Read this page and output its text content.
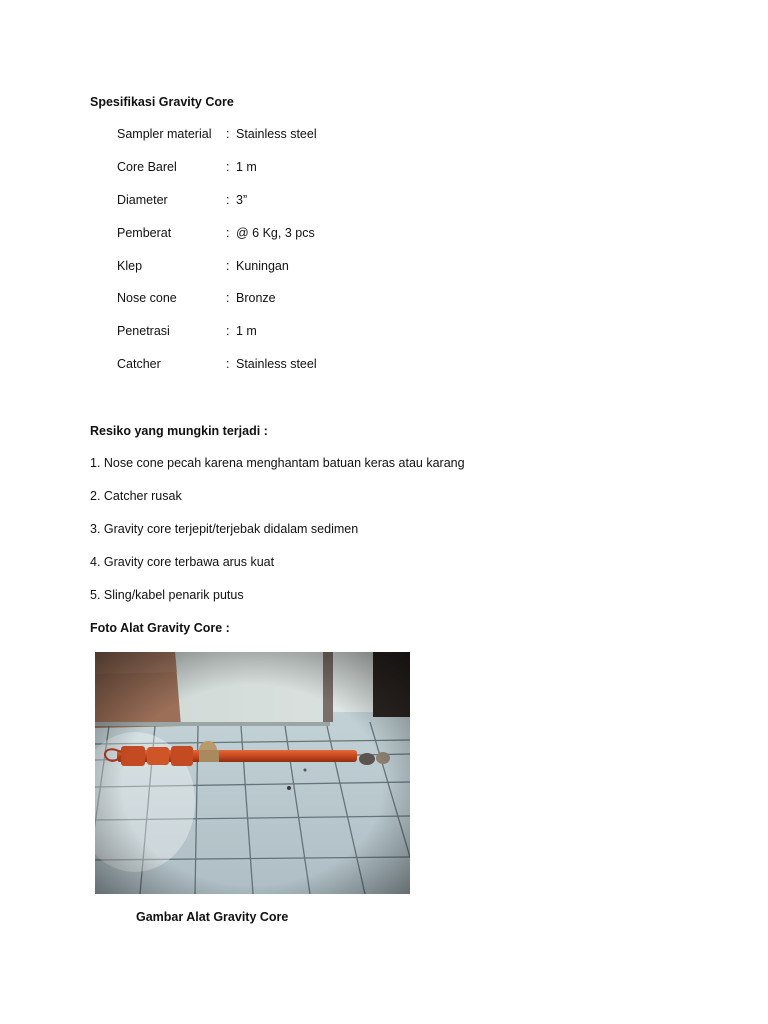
Spesifikasi Gravity Core
Sampler material	: Stainless steel
Core Barel	: 1 m
Diameter	: 3”
Pemberat	: @ 6 Kg, 3 pcs
Klep	: Kuningan
Nose cone	: Bronze
Penetrasi	: 1 m
Catcher	: Stainless steel
Resiko yang mungkin terjadi :
1. Nose cone pecah karena menghantam batuan keras atau karang
2. Catcher rusak
3. Gravity core terjepit/terjebak didalam sedimen
4. Gravity core terbawa arus kuat
5. Sling/kabel penarik putus
Foto Alat Gravity Core :
Gambar Alat Gravity Core
